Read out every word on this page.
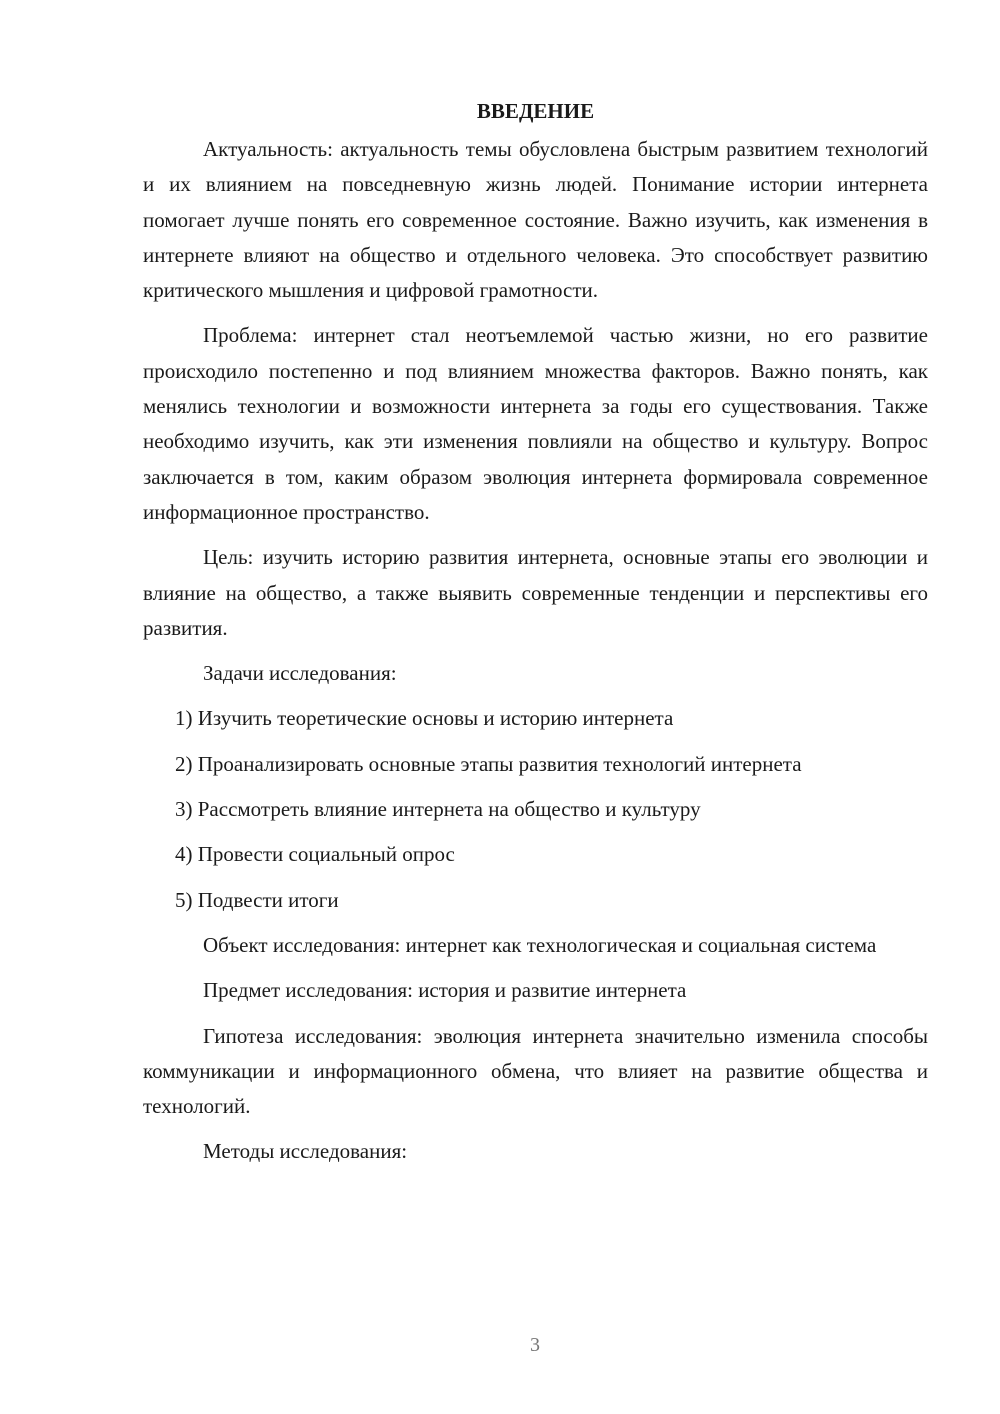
ВВЕДЕНИЕ

Актуальность: актуальность темы обусловлена быстрым развитием технологий и их влиянием на повседневную жизнь людей. Понимание истории интернета помогает лучше понять его современное состояние. Важно изучить, как изменения в интернете влияют на общество и отдельного человека. Это способствует развитию критического мышления и цифровой грамотности.

Проблема: интернет стал неотъемлемой частью жизни, но его развитие происходило постепенно и под влиянием множества факторов. Важно понять, как менялись технологии и возможности интернета за годы его существования. Также необходимо изучить, как эти изменения повлияли на общество и культуру. Вопрос заключается в том, каким образом эволюция интернета формировала современное информационное пространство.

Цель: изучить историю развития интернета, основные этапы его эволюции и влияние на общество, а также выявить современные тенденции и перспективы его развития.

Задачи исследования:

1) Изучить теоретические основы и историю интернета
2) Проанализировать основные этапы развития технологий интернета
3) Рассмотреть влияние интернета на общество и культуру
4) Провести социальный опрос
5) Подвести итоги

Объект исследования: интернет как технологическая и социальная система

Предмет исследования: история и развитие интернета

Гипотеза исследования: эволюция интернета значительно изменила способы коммуникации и информационного обмена, что влияет на развитие общества и технологий.

Методы исследования:

3
